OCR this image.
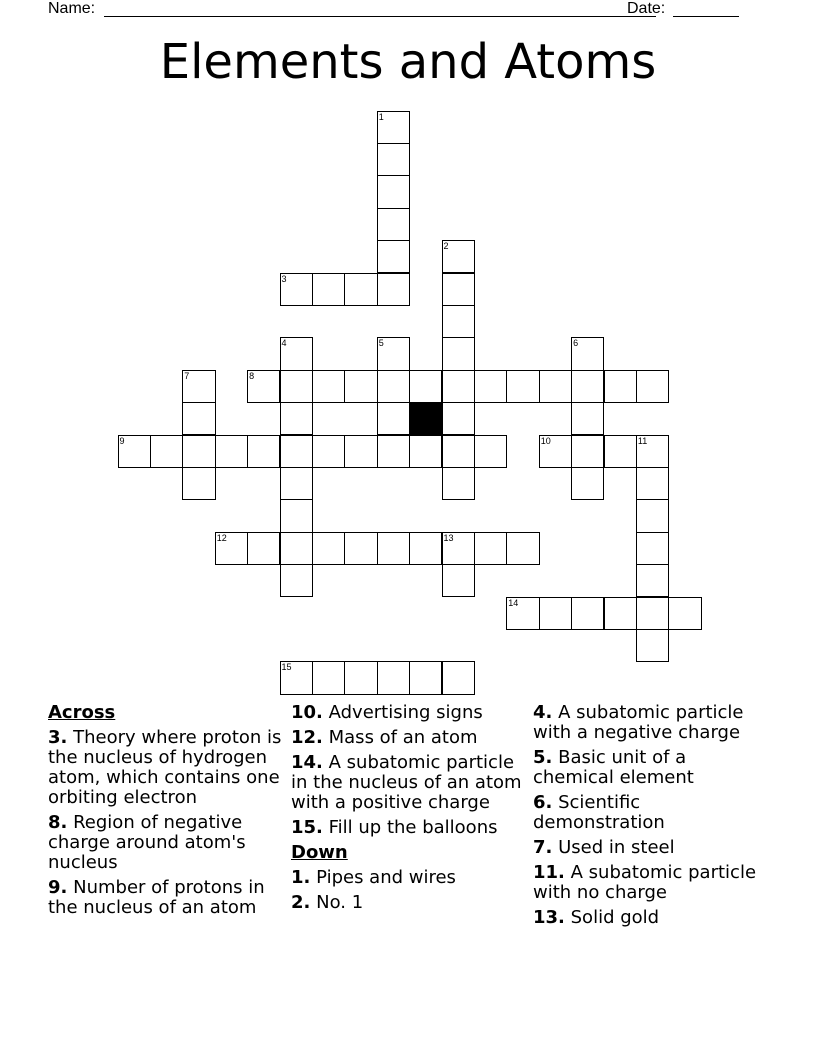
Name:	Date:
Elements and Atoms
1
2
3
4	5	6
7	8
9	10	11
12	13
14
15
Across
3. Theory where proton is the nucleus of hydrogen atom, which contains one orbiting electron
8. Region of negative charge around atom's nucleus
9. Number of protons in the nucleus of an atom
10. Advertising signs
12. Mass of an atom
14. A subatomic particle in the nucleus of an atom with a positive charge
15. Fill up the balloons
Down
1. Pipes and wires
2. No. 1
4. A subatomic particle with a negative charge
5. Basic unit of a chemical element
6. Scientific demonstration
7. Used in steel
11. A subatomic particle with no charge
13. Solid gold
